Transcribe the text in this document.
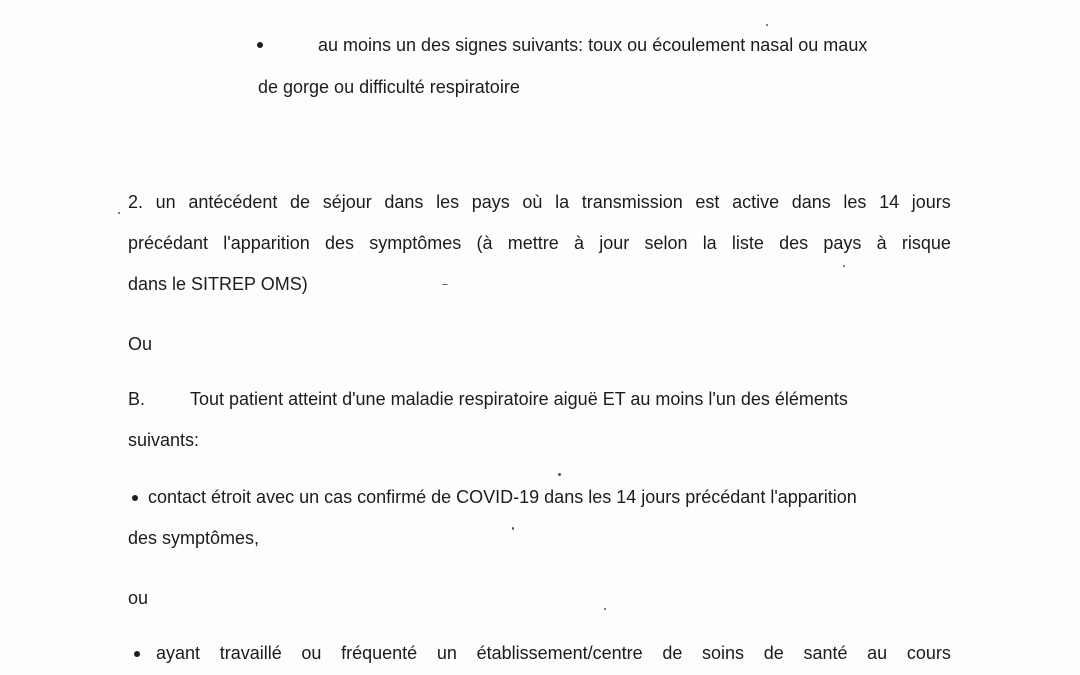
au moins un des signes suivants: toux ou écoulement nasal ou maux
de gorge ou difficulté respiratoire
2. un antécédent de séjour dans les pays où la transmission est active dans les 14 jours
précédant l'apparition des symptômes (à mettre à jour selon la liste des pays à risque
dans le SITREP OMS)
Ou
B. Tout patient atteint d'une maladie respiratoire aiguë ET au moins l'un des éléments
suivants:
contact étroit avec un cas confirmé de COVID-19 dans les 14 jours précédant l'apparition
des symptômes,
ou
ayant travaillé ou fréquenté un établissement/centre de soins de santé au cours
